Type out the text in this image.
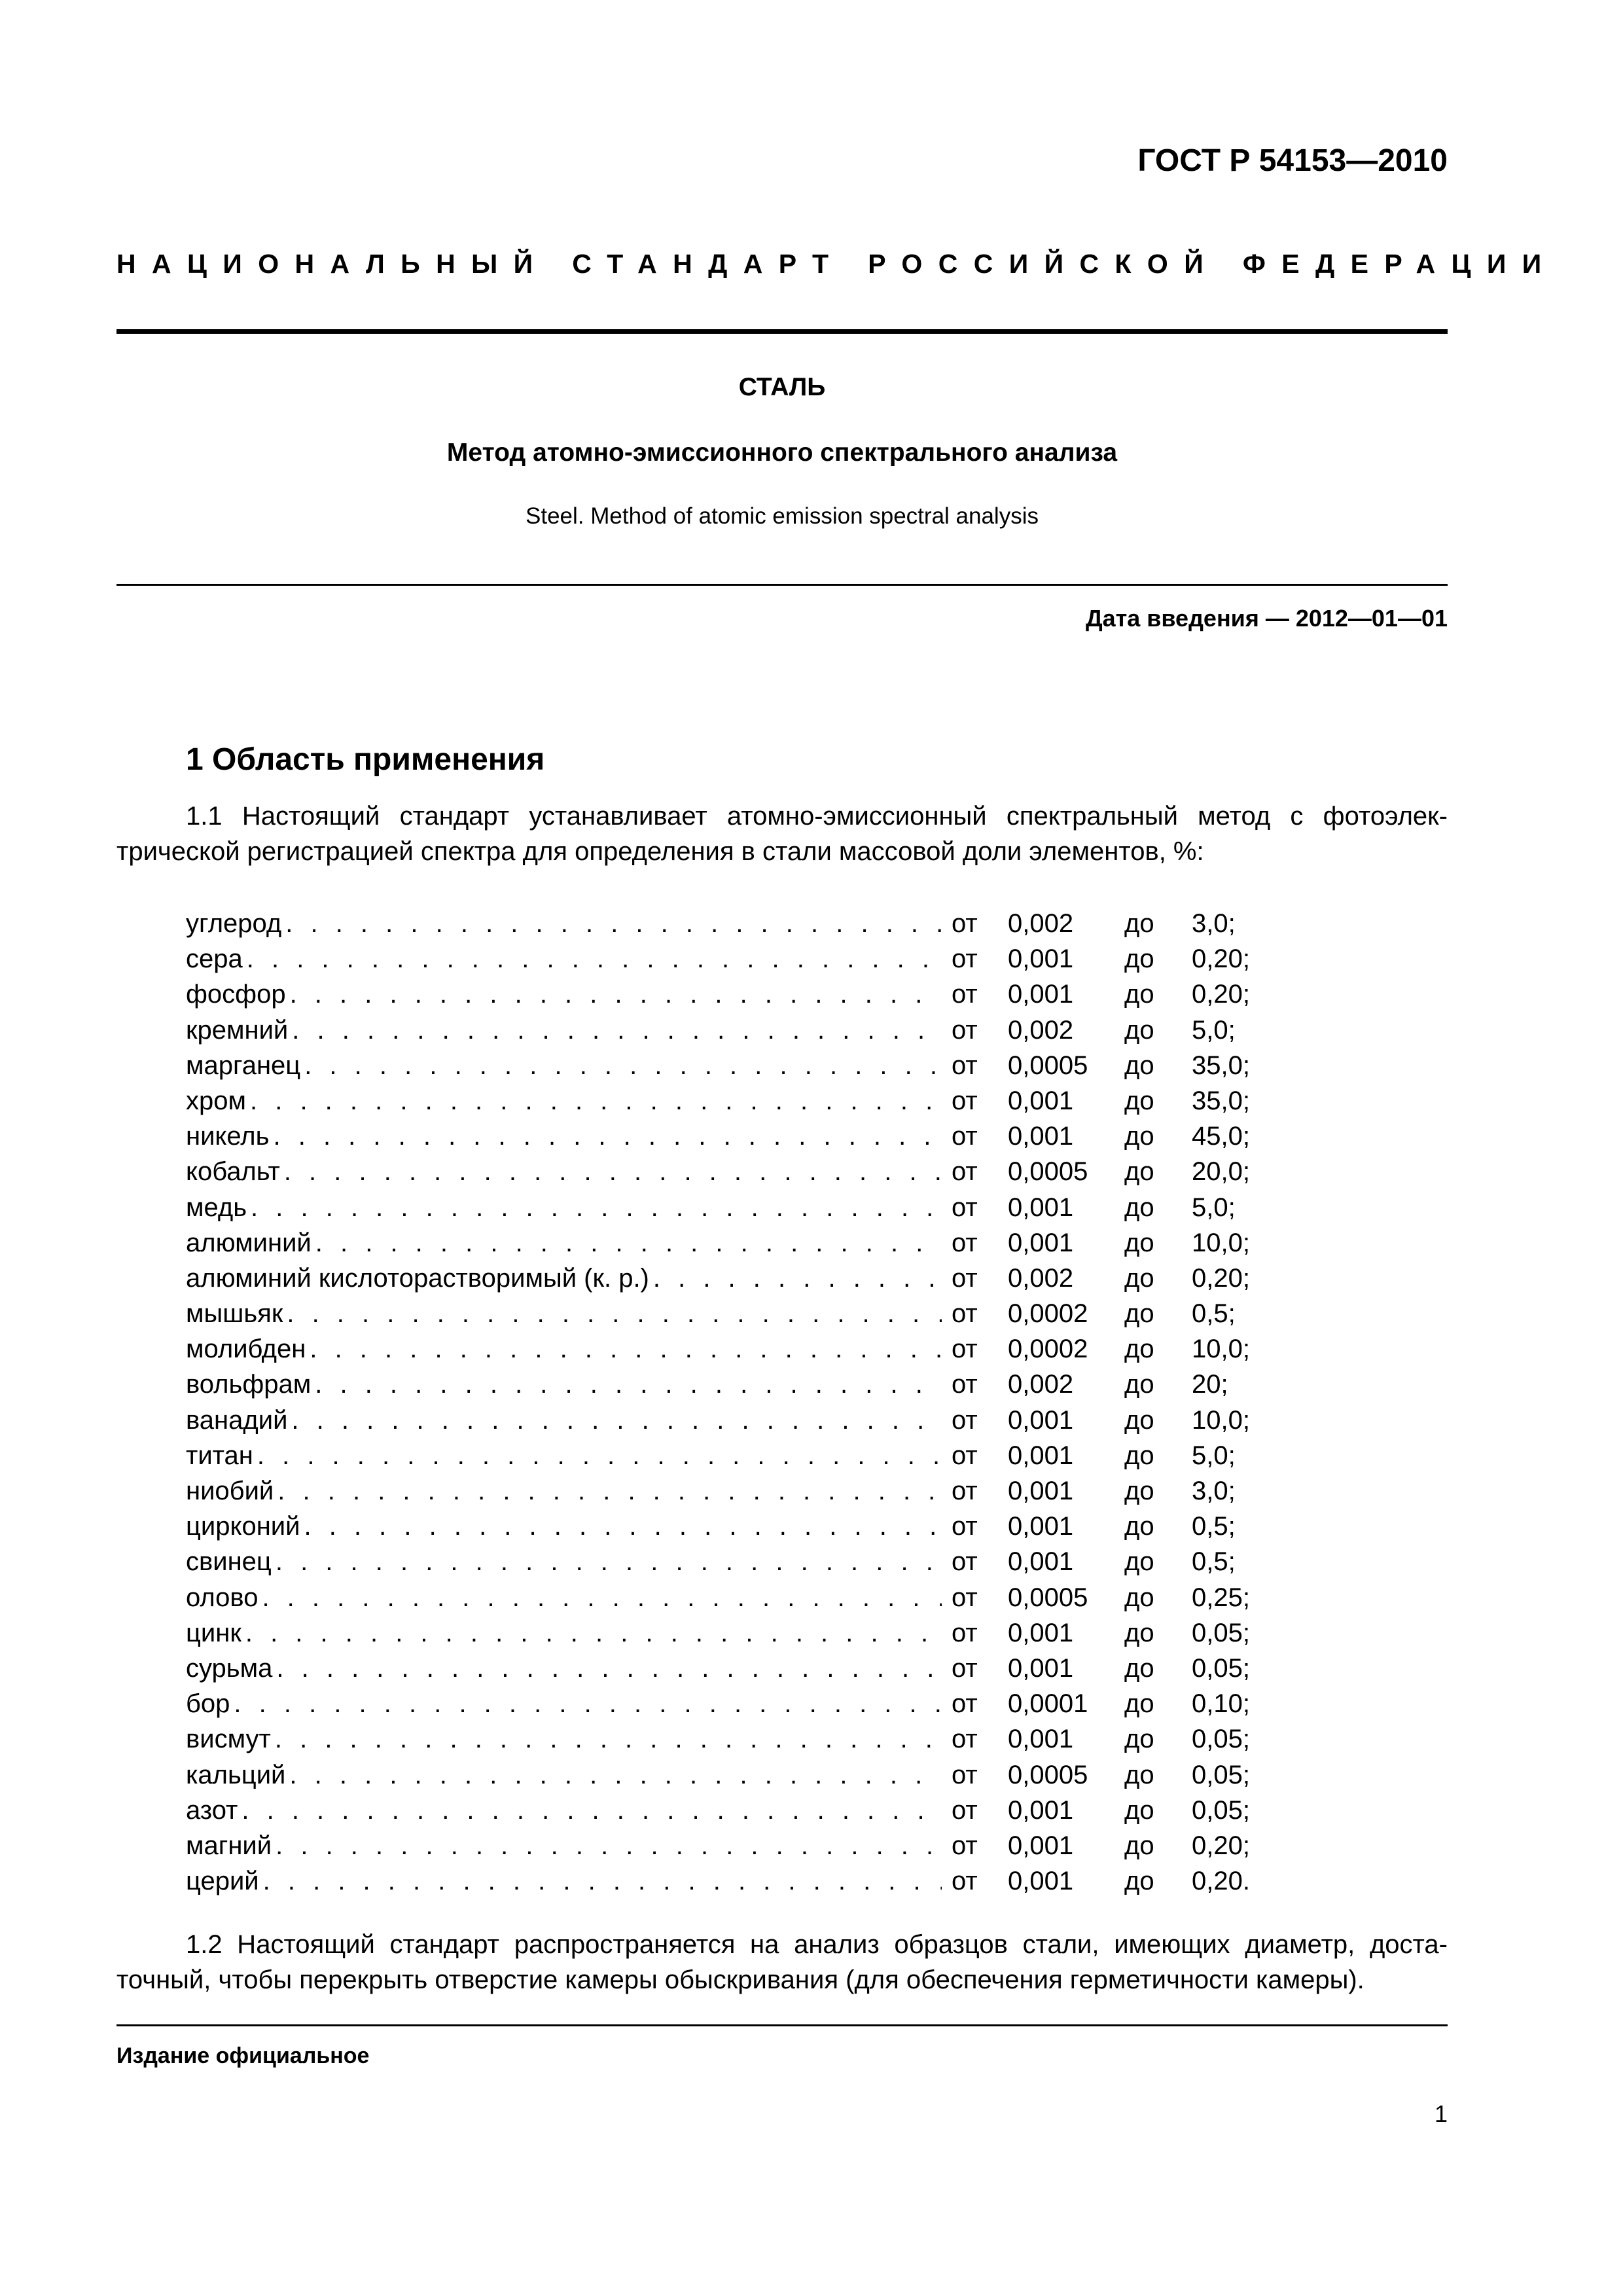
ГОСТ Р 54153—2010
НАЦИОНАЛЬНЫЙ СТАНДАРТ РОССИЙСКОЙ ФЕДЕРАЦИИ
СТАЛЬ
Метод атомно-эмиссионного спектрального анализа
Steel. Method of atomic emission spectral analysis
Дата введения — 2012—01—01
1 Область применения
1.1 Настоящий стандарт устанавливает атомно-эмиссионный спектральный метод с фотоэлек-трической регистрацией спектра для определения в стали массовой доли элементов, %:
углерод . . .	от 0,002 до 3,0;
сера . . .	от 0,001 до 0,20;
фосфор . . .	от 0,001 до 0,20;
кремний . . .	от 0,002 до 5,0;
марганец . . .	от 0,0005 до 35,0;
хром . . .	от 0,001 до 35,0;
никель . . .	от 0,001 до 45,0;
кобальт . . .	от 0,0005 до 20,0;
медь . . .	от 0,001 до 5,0;
алюминий . . .	от 0,001 до 10,0;
алюминий кислоторастворимый (к. р.) . . .	от 0,002 до 0,20;
мышьяк . . .	от 0,0002 до 0,5;
молибден . . .	от 0,0002 до 10,0;
вольфрам . . .	от 0,002 до 20;
ванадий . . .	от 0,001 до 10,0;
титан . . .	от 0,001 до 5,0;
ниобий . . .	от 0,001 до 3,0;
цирконий . . .	от 0,001 до 0,5;
свинец . . .	от 0,001 до 0,5;
олово . . .	от 0,0005 до 0,25;
цинк . . .	от 0,001 до 0,05;
сурьма . . .	от 0,001 до 0,05;
бор . . .	от 0,0001 до 0,10;
висмут . . .	от 0,001 до 0,05;
кальций . . .	от 0,0005 до 0,05;
азот . . .	от 0,001 до 0,05;
магний . . .	от 0,001 до 0,20;
церий . . .	от 0,001 до 0,20.
1.2 Настоящий стандарт распространяется на анализ образцов стали, имеющих диаметр, доста-точный, чтобы перекрыть отверстие камеры обыскривания (для обеспечения герметичности камеры).
Издание официальное
1
